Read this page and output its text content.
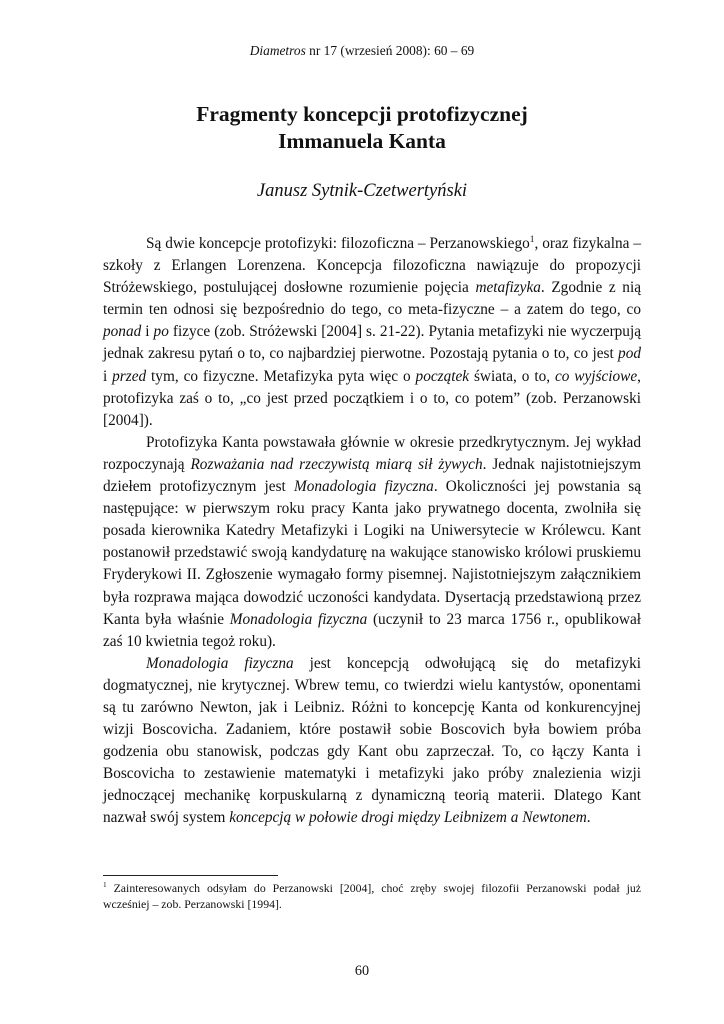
Diametros nr 17 (wrzesień 2008): 60 – 69
Fragmenty koncepcji protofizycznej
Immanuela Kanta
Janusz Sytnik-Czetwertyński

Są dwie koncepcje protofizyki: filozoficzna – Perzanowskiego$^1$, oraz fizykalna – szkoły z Erlangen Lorenzena. Koncepcja filozoficzna nawiązuje do propozycji Stróżewskiego, postulującej dosłowne rozumienie pojęcia metafizyka. Zgodnie z nią termin ten odnosi się bezpośrednio do tego, co meta-fizyczne – a zatem do tego, co ponad i po fizyce (zob. Stróżewski [2004] s. 21-22). Pytania metafizyki nie wyczerpują jednak zakresu pytań o to, co najbardziej pierwotne. Pozostają pytania o to, co jest pod i przed tym, co fizyczne. Metafizyka pyta więc o początek świata, o to, co wyjściowe, protofizyka zaś o to, „co jest przed początkiem i o to, co potem” (zob. Perzanowski [2004]).

Protofizyka Kanta powstawała głównie w okresie przedkrytycznym. Jej wykład rozpoczynają Rozważania nad rzeczywistą miarą sił żywych. Jednak najistotniejszym dziełem protofizycznym jest Monadologia fizyczna. Okoliczności jej powstania są następujące: w pierwszym roku pracy Kanta jako prywatnego docenta, zwolniła się posada kierownika Katedry Metafizyki i Logiki na Uniwersytecie w Królewcu. Kant postanowił przedstawić swoją kandydaturę na wakujące stanowisko królowi pruskiemu Fryderykowi II. Zgłoszenie wymagało formy pisemnej. Najistotniejszym załącznikiem była rozprawa mająca dowodzić uczoności kandydata. Dysertacją przedstawioną przez Kanta była właśnie Monadologia fizyczna (uczynił to 23 marca 1756 r., opublikował zaś 10 kwietnia tegoż roku).

Monadologia fizyczna jest koncepcją odwołującą się do metafizyki dogmatycznej, nie krytycznej. Wbrew temu, co twierdzi wielu kantystów, oponentami są tu zarówno Newton, jak i Leibniz. Różni to koncepcję Kanta od konkurencyjnej wizji Boscovicha. Zadaniem, które postawił sobie Boscovich była bowiem próba godzenia obu stanowisk, podczas gdy Kant obu zaprzeczał. To, co łączy Kanta i Boscovicha to zestawienie matematyki i metafizyki jako próby znalezienia wizji jednoczącej mechanikę korpuskularną z dynamiczną teorią materii. Dlatego Kant nazwał swój system koncepcją w połowie drogi między Leibnizem a Newtonem.

$^1$ Zainteresowanych odsyłam do Perzanowski [2004], choć zręby swojej filozofii Perzanowski podał już wcześniej – zob. Perzanowski [1994].
60
